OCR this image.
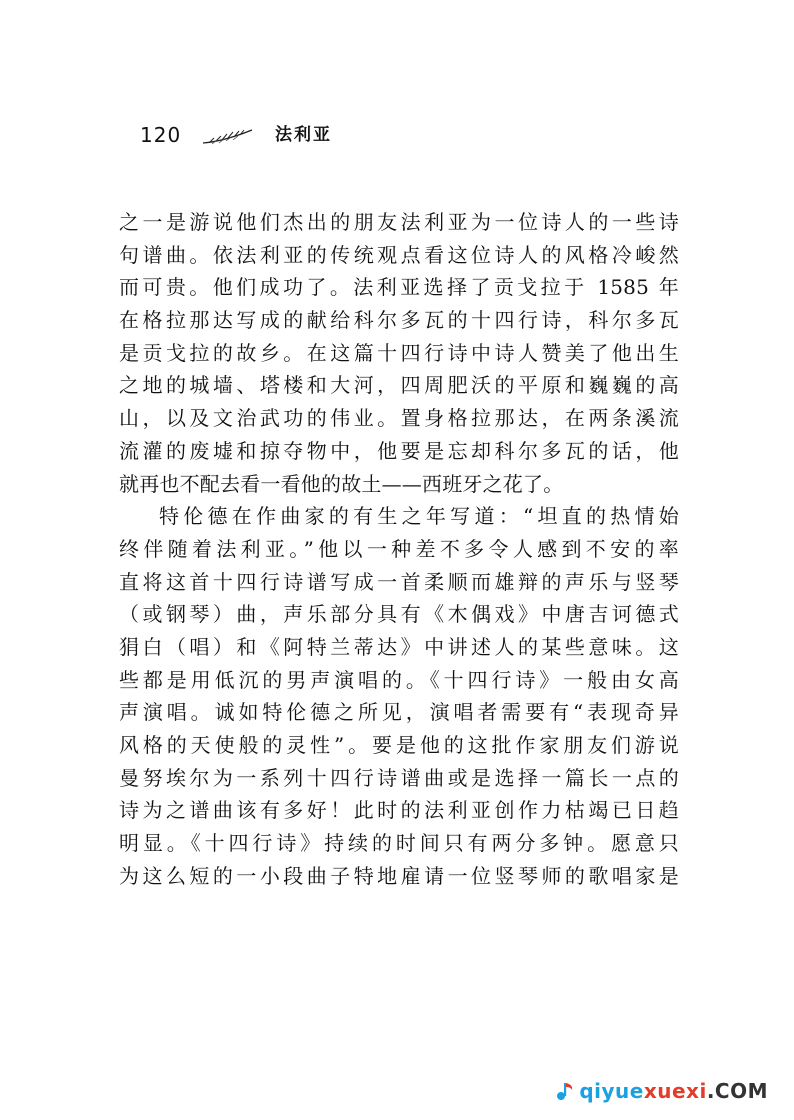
120	法利亚
之一是游说他们杰出的朋友法利亚为一位诗人的一些诗
句谱曲。依法利亚的传统观点看这位诗人的风格冷峻然
而可贵。他们成功了。法利亚选择了贡戈拉于 1585 年
在格拉那达写成的献给科尔多瓦的十四行诗，科尔多瓦
是贡戈拉的故乡。在这篇十四行诗中诗人赞美了他出生
之地的城墙、塔楼和大河，四周肥沃的平原和巍巍的高
山，以及文治武功的伟业。置身格拉那达，在两条溪流
流灌的废墟和掠夺物中，他要是忘却科尔多瓦的话，他
就再也不配去看一看他的故土——西班牙之花了。
特伦德在作曲家的有生之年写道：“坦直的热情始
终伴随着法利亚。”他以一种差不多令人感到不安的率
直将这首十四行诗谱写成一首柔顺而雄辩的声乐与竖琴
（或钢琴）曲，声乐部分具有《木偶戏》中唐吉诃德式
狷白（唱）和《阿特兰蒂达》中讲述人的某些意味。这
些都是用低沉的男声演唱的。《十四行诗》一般由女高
声演唱。诚如特伦德之所见，演唱者需要有“表现奇异
风格的天使般的灵性”。要是他的这批作家朋友们游说
曼努埃尔为一系列十四行诗谱曲或是选择一篇长一点的
诗为之谱曲该有多好！此时的法利亚创作力枯竭已日趋
明显。《十四行诗》持续的时间只有两分多钟。愿意只
为这么短的一小段曲子特地雇请一位竖琴师的歌唱家是
qiyue xuexi .COM
